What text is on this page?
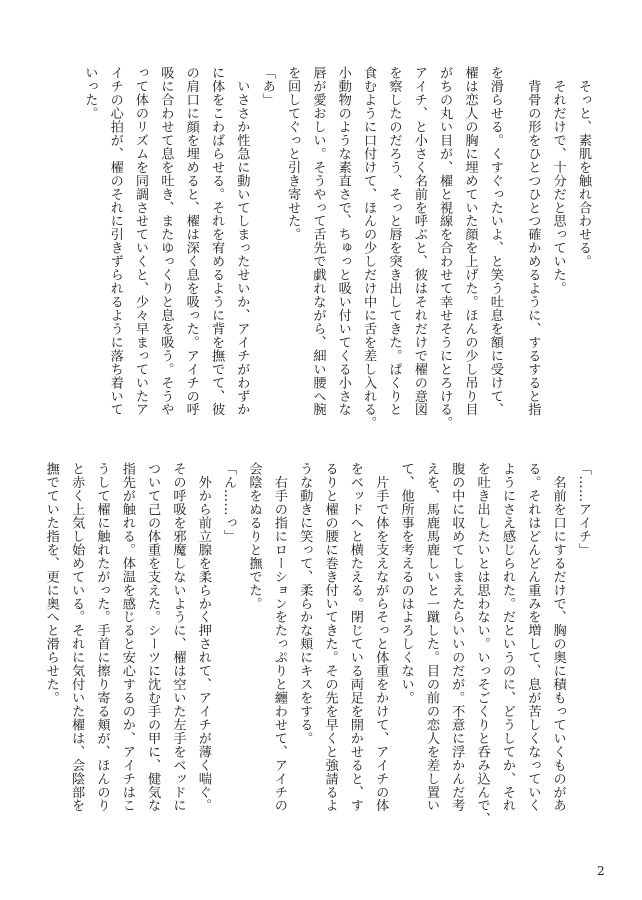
　そっと、素肌を触れ合わせる。

　それだけで、十分だと思っていた。

　背骨の形をひとつひとつ確かめるように、するすると指

を滑らせる。くすぐったいよ、と笑う吐息を額に受けて、

櫂は恋人の胸に埋めていた顔を上げた。ほんの少し吊り目

がちの丸い目が、櫂と視線を合わせて幸せそうにとろける。

アイチ、と小さく名前を呼ぶと、彼はそれだけで櫂の意図

を察したのだろう、そっと唇を突き出してきた。ぱくりと

食むように口付けて、ほんの少しだけ中に舌を差し入れる。

小動物のような素直さで、ちゅっと吸い付いてくる小さな

唇が愛おしい。そうやって舌先で戯れながら、細い腰へ腕

を回してぐっと引き寄せた。

「あ」

　いささか性急に動いてしまったせいか、アイチがわずか

に体をこわばらせる。それを宥めるように背を撫でて、彼

の肩口に顔を埋めると、櫂は深く息を吸った。アイチの呼

吸に合わせて息を吐き、またゆっくりと息を吸う。そうや

って体のリズムを同調させていくと、少々早まっていたア

イチの心拍が、櫂のそれに引きずられるように落ち着いて

いった。

「……アイチ」

　名前を口にするだけで、胸の奥に積もっていくものがあ

る。それはどんどん重みを増して、息が苦しくなっていく

ようにさえ感じられた。だというのに、どうしてか、それ

を吐き出したいとは思わない。いっそごくりと呑み込んで、

腹の中に収めてしまえたらいいのだが。不意に浮かんだ考

えを、馬鹿馬鹿しいと一蹴した。目の前の恋人を差し置い

て、他所事を考えるのはよろしくない。

　片手で体を支えながらそっと体重をかけて、アイチの体

をベッドへと横たえる。閉じている両足を開かせると、す

るりと櫂の腰に巻き付いてきた。その先を早くと強請るよ

うな動きに笑って、柔らかな頬にキスをする。

　右手の指にローションをたっぷりと纏わせて、アイチの

会陰をぬるりと撫でた。

「ん……っ」

　外から前立腺を柔らかく押されて、アイチが薄く喘ぐ。

その呼吸を邪魔しないように、櫂は空いた左手をベッドに

ついて己の体重を支えた。シーツに沈む手の甲に、健気な

指先が触れる。体温を感じると安心するのか、アイチはこ

うして櫂に触れたがった。手首に擦り寄る頬が、ほんのり

と赤く上気し始めている。それに気付いた櫂は、会陰部を

撫でていた指を、更に奥へと滑らせた。

2
